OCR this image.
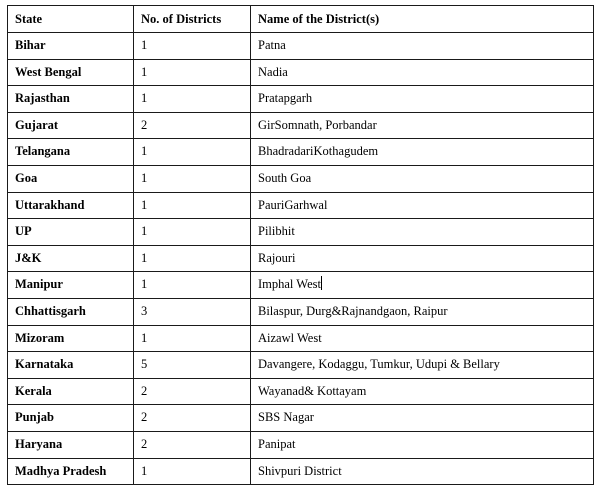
State	No. of Districts	Name of the District(s)
Bihar	1	Patna
West Bengal	1	Nadia
Rajasthan	1	Pratapgarh
Gujarat	2	GirSomnath, Porbandar
Telangana	1	BhadradariKothagudem
Goa	1	South Goa
Uttarakhand	1	PauriGarhwal
UP	1	Pilibhit
J&K	1	Rajouri
Manipur	1	Imphal West
Chhattisgarh	3	Bilaspur, Durg&Rajnandgaon, Raipur
Mizoram	1	Aizawl West
Karnataka	5	Davangere, Kodaggu, Tumkur, Udupi & Bellary
Kerala	2	Wayanad& Kottayam
Punjab	2	SBS Nagar
Haryana	2	Panipat
Madhya Pradesh	1	Shivpuri District
